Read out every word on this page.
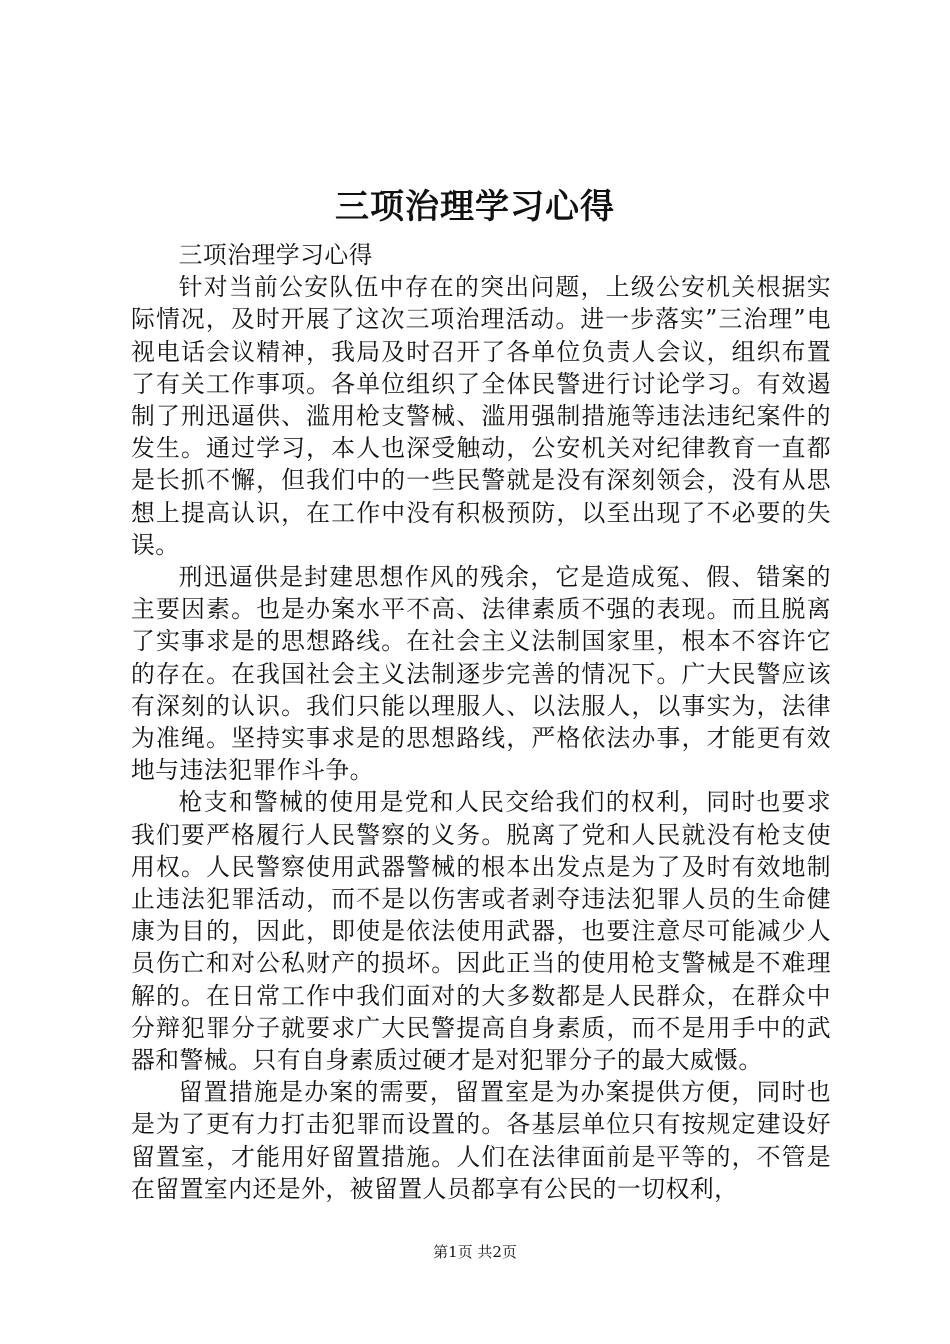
三项治理学习心得

三项治理学习心得

针对当前公安队伍中存在的突出问题，上级公安机关根据实际情况，及时开展了这次三项治理活动。进一步落实”三治理”电视电话会议精神，我局及时召开了各单位负责人会议，组织布置了有关工作事项。各单位组织了全体民警进行讨论学习。有效遏制了刑迅逼供、滥用枪支警械、滥用强制措施等违法违纪案件的发生。通过学习，本人也深受触动，公安机关对纪律教育一直都是长抓不懈，但我们中的一些民警就是没有深刻领会，没有从思想上提高认识，在工作中没有积极预防，以至出现了不必要的失误。

刑迅逼供是封建思想作风的残余，它是造成冤、假、错案的主要因素。也是办案水平不高、法律素质不强的表现。而且脱离了实事求是的思想路线。在社会主义法制国家里，根本不容许它的存在。在我国社会主义法制逐步完善的情况下。广大民警应该有深刻的认识。我们只能以理服人、以法服人，以事实为，法律为准绳。坚持实事求是的思想路线，严格依法办事，才能更有效地与违法犯罪作斗争。

枪支和警械的使用是党和人民交给我们的权利，同时也要求我们要严格履行人民警察的义务。脱离了党和人民就没有枪支使用权。人民警察使用武器警械的根本出发点是为了及时有效地制止违法犯罪活动，而不是以伤害或者剥夺违法犯罪人员的生命健康为目的，因此，即使是依法使用武器，也要注意尽可能减少人员伤亡和对公私财产的损坏。因此正当的使用枪支警械是不难理解的。在日常工作中我们面对的大多数都是人民群众，在群众中分辩犯罪分子就要求广大民警提高自身素质，而不是用手中的武器和警械。只有自身素质过硬才是对犯罪分子的最大威慑。

留置措施是办案的需要，留置室是为办案提供方便，同时也是为了更有力打击犯罪而设置的。各基层单位只有按规定建设好留置室，才能用好留置措施。人们在法律面前是平等的，不管是在留置室内还是外，被留置人员都享有公民的一切权利，

第1页 共2页
